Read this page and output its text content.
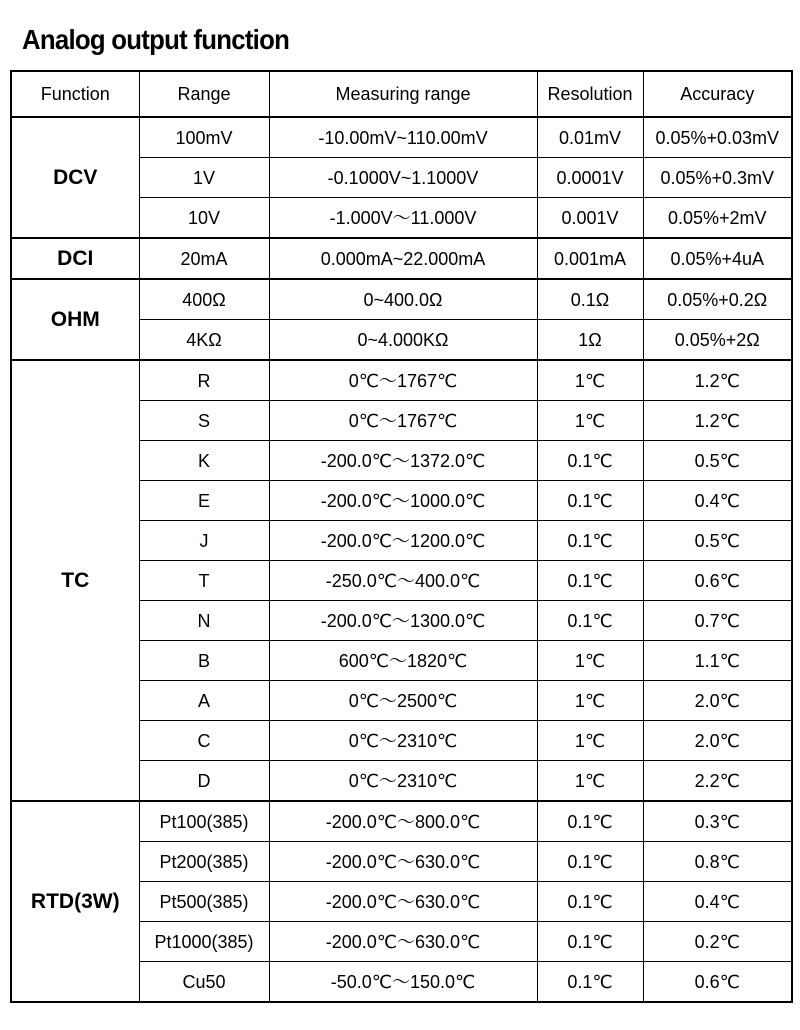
Analog output function
Function	Range	Measuring range	Resolution	Accuracy
DCV	100mV	-10.00mV~110.00mV	0.01mV	0.05%+0.03mV
	1V	-0.1000V~1.1000V	0.0001V	0.05%+0.3mV
	10V	-1.000V～11.000V	0.001V	0.05%+2mV
DCI	20mA	0.000mA~22.000mA	0.001mA	0.05%+4uA
OHM	400Ω	0~400.0Ω	0.1Ω	0.05%+0.2Ω
	4KΩ	0~4.000KΩ	1Ω	0.05%+2Ω
TC	R	0℃～1767℃	1℃	1.2℃
	S	0℃～1767℃	1℃	1.2℃
	K	-200.0℃～1372.0℃	0.1℃	0.5℃
	E	-200.0℃～1000.0℃	0.1℃	0.4℃
	J	-200.0℃～1200.0℃	0.1℃	0.5℃
	T	-250.0℃～400.0℃	0.1℃	0.6℃
	N	-200.0℃～1300.0℃	0.1℃	0.7℃
	B	600℃～1820℃	1℃	1.1℃
	A	0℃～2500℃	1℃	2.0℃
	C	0℃～2310℃	1℃	2.0℃
	D	0℃～2310℃	1℃	2.2℃
RTD(3W)	Pt100(385)	-200.0℃～800.0℃	0.1℃	0.3℃
	Pt200(385)	-200.0℃～630.0℃	0.1℃	0.8℃
	Pt500(385)	-200.0℃～630.0℃	0.1℃	0.4℃
	Pt1000(385)	-200.0℃～630.0℃	0.1℃	0.2℃
	Cu50	-50.0℃～150.0℃	0.1℃	0.6℃
